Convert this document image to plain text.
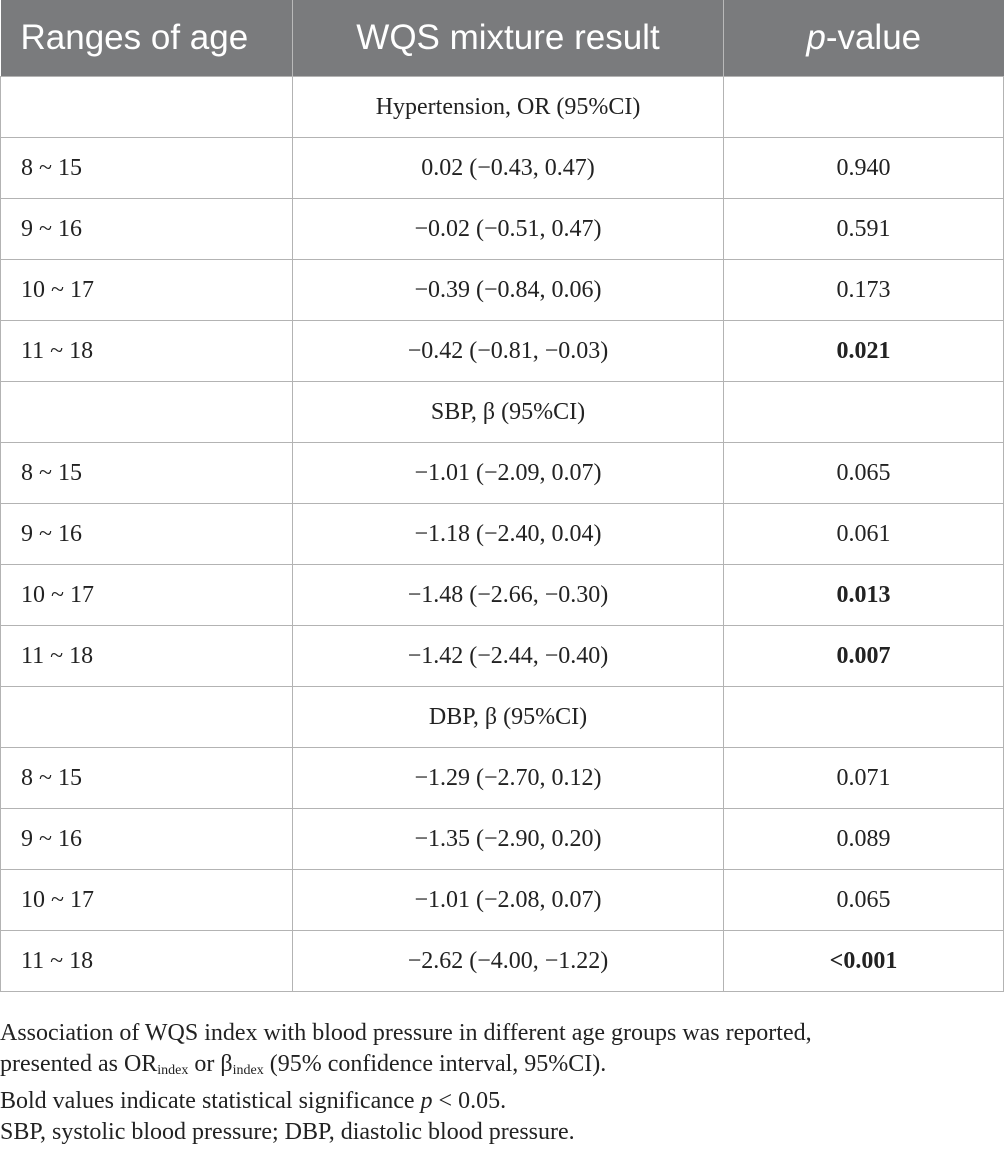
Ranges of age	WQS mixture result	p-value
	Hypertension, OR (95%CI)	
8 ~ 15	0.02 (−0.43, 0.47)	0.940
9 ~ 16	−0.02 (−0.51, 0.47)	0.591
10 ~ 17	−0.39 (−0.84, 0.06)	0.173
11 ~ 18	−0.42 (−0.81, −0.03)	0.021
	SBP, β (95%CI)	
8 ~ 15	−1.01 (−2.09, 0.07)	0.065
9 ~ 16	−1.18 (−2.40, 0.04)	0.061
10 ~ 17	−1.48 (−2.66, −0.30)	0.013
11 ~ 18	−1.42 (−2.44, −0.40)	0.007
	DBP, β (95%CI)	
8 ~ 15	−1.29 (−2.70, 0.12)	0.071
9 ~ 16	−1.35 (−2.90, 0.20)	0.089
10 ~ 17	−1.01 (−2.08, 0.07)	0.065
11 ~ 18	−2.62 (−4.00, −1.22)	<0.001

Association of WQS index with blood pressure in different age groups was reported,

presented as $OR_{index}$ or $\beta_{index}$ (95% confidence interval, 95%CI).

Bold values indicate statistical significance p < 0.05.

SBP, systolic blood pressure; DBP, diastolic blood pressure.
